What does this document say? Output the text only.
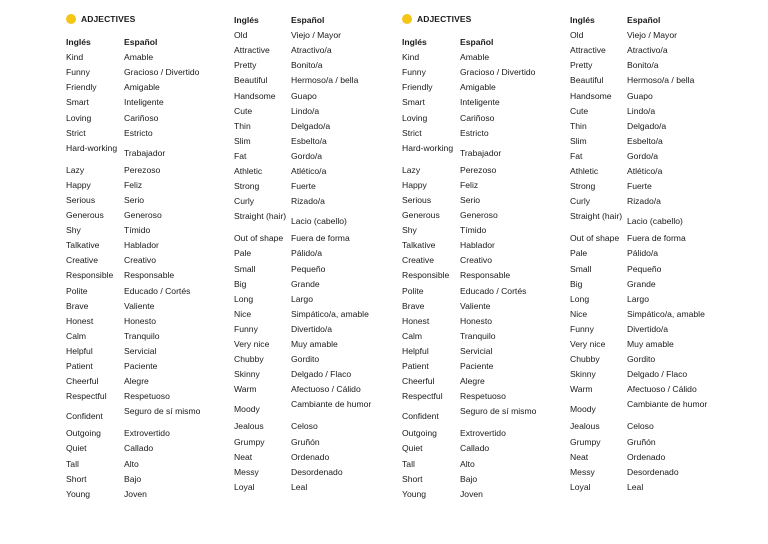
ADJECTIVES
Inglés	Español
Kind	Amable
Funny	Gracioso / Divertido
Friendly	Amigable
Smart	Inteligente
Loving	Cariñoso
Strict	Estricto
Hard-working Trabajador
Lazy	Perezoso
Happy	Feliz
Serious	Serio
Generous	Generoso
Shy	Tímido
Talkative	Hablador
Creative	Creativo
Responsible	Responsable
Polite	Educado / Cortés
Brave	Valiente
Honest	Honesto
Calm	Tranquilo
Helpful	Servicial
Patient	Paciente
Cheerful	Alegre
Respectful	Respetuoso
Confident	Seguro de sí mismo
Outgoing	Extrovertido
Quiet	Callado
Tall	Alto
Short	Bajo
Young	Joven
Inglés	Español
Old	Viejo / Mayor
Attractive	Atractivo/a
Pretty	Bonito/a
Beautiful	Hermoso/a / bella
Handsome	Guapo
Cute	Lindo/a
Thin	Delgado/a
Slim	Esbelto/a
Fat	Gordo/a
Athletic	Atlético/a
Strong	Fuerte
Curly	Rizado/a
Straight (hair) Lacio (cabello)
Out of shape Fuera de forma
Pale	Pálido/a
Small	Pequeño
Big	Grande
Long	Largo
Nice	Simpático/a, amable
Funny	Divertido/a
Very nice	Muy amable
Chubby	Gordito
Skinny	Delgado / Flaco
Warm	Afectuoso / Cálido
Moody	Cambiante de humor
Jealous	Celoso
Grumpy	Gruñón
Neat	Ordenado
Messy	Desordenado
Loyal	Leal
ADJECTIVES
Inglés	Español
Kind	Amable
Funny	Gracioso / Divertido
Friendly	Amigable
Smart	Inteligente
Loving	Cariñoso
Strict	Estricto
Hard-working Trabajador
Lazy	Perezoso
Happy	Feliz
Serious	Serio
Generous	Generoso
Shy	Tímido
Talkative	Hablador
Creative	Creativo
Responsible	Responsable
Polite	Educado / Cortés
Brave	Valiente
Honest	Honesto
Calm	Tranquilo
Helpful	Servicial
Patient	Paciente
Cheerful	Alegre
Respectful	Respetuoso
Confident	Seguro de sí mismo
Outgoing	Extrovertido
Quiet	Callado
Tall	Alto
Short	Bajo
Young	Joven
Inglés	Español
Old	Viejo / Mayor
Attractive	Atractivo/a
Pretty	Bonito/a
Beautiful	Hermoso/a / bella
Handsome	Guapo
Cute	Lindo/a
Thin	Delgado/a
Slim	Esbelto/a
Fat	Gordo/a
Athletic	Atlético/a
Strong	Fuerte
Curly	Rizado/a
Straight (hair) Lacio (cabello)
Out of shape Fuera de forma
Pale	Pálido/a
Small	Pequeño
Big	Grande
Long	Largo
Nice	Simpático/a, amable
Funny	Divertido/a
Very nice	Muy amable
Chubby	Gordito
Skinny	Delgado / Flaco
Warm	Afectuoso / Cálido
Moody	Cambiante de humor
Jealous	Celoso
Grumpy	Gruñón
Neat	Ordenado
Messy	Desordenado
Loyal	Leal
